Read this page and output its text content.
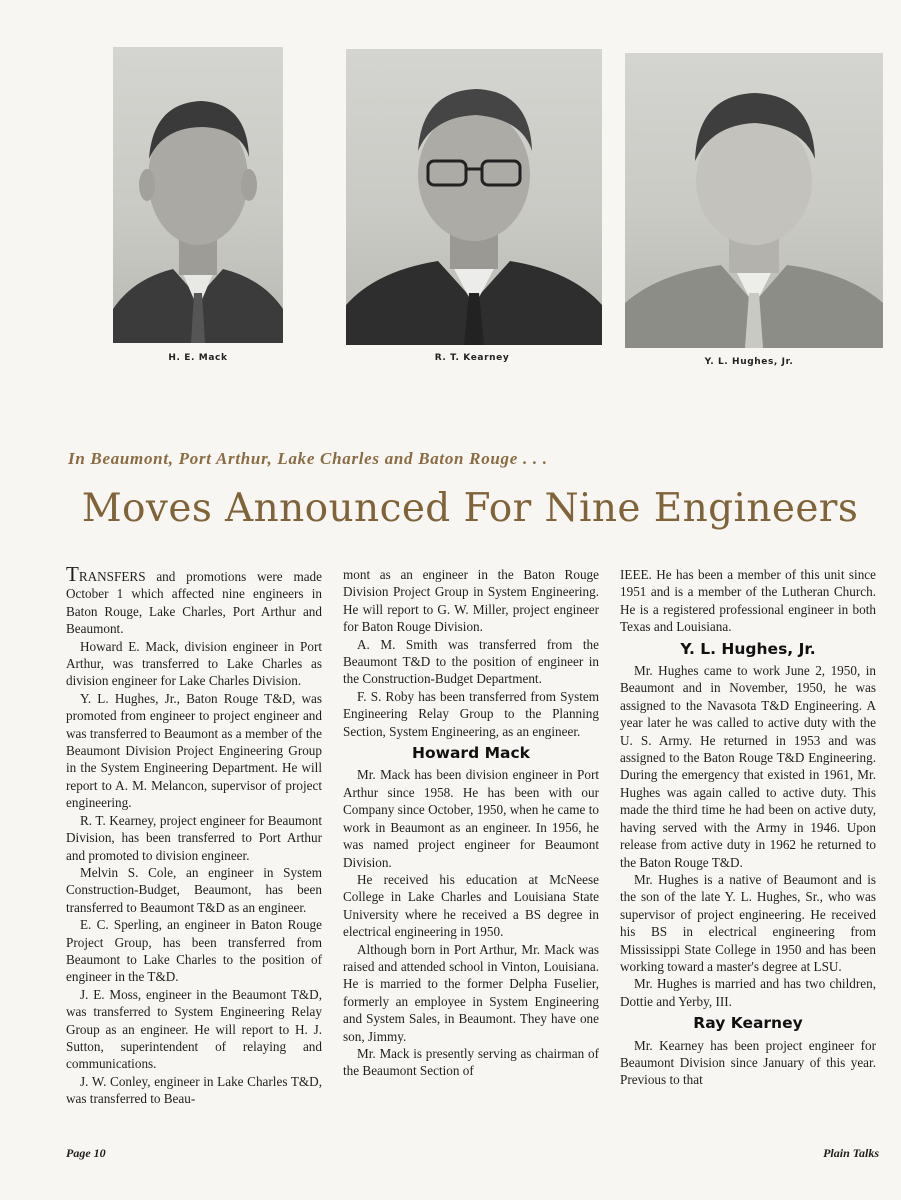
H. E. Mack	R. T. Kearney	Y. L. Hughes, Jr.

In Beaumont, Port Arthur, Lake Charles and Baton Rouge . . .

Moves Announced For Nine Engineers

TRANSFERS and promotions were made October 1 which affected nine engineers in Baton Rouge, Lake Charles, Port Arthur and Beaumont.

Howard E. Mack, division engineer in Port Arthur, was transferred to Lake Charles as division engineer for Lake Charles Division.

Y. L. Hughes, Jr., Baton Rouge T&D, was promoted from engineer to project engineer and was transferred to Beaumont as a member of the Beaumont Division Project Engineering Group in the System Engineering Department. He will report to A. M. Melancon, supervisor of project engineering.

R. T. Kearney, project engineer for Beaumont Division, has been transferred to Port Arthur and promoted to division engineer.

Melvin S. Cole, an engineer in System Construction-Budget, Beaumont, has been transferred to Beaumont T&D as an engineer.

E. C. Sperling, an engineer in Baton Rouge Project Group, has been transferred from Beaumont to Lake Charles to the position of engineer in the T&D.

J. E. Moss, engineer in the Beaumont T&D, was transferred to System Engineering Relay Group as an engineer. He will report to H. J. Sutton, superintendent of relaying and communications.

J. W. Conley, engineer in Lake Charles T&D, was transferred to Beau-

mont as an engineer in the Baton Rouge Division Project Group in System Engineering. He will report to G. W. Miller, project engineer for Baton Rouge Division.

A. M. Smith was transferred from the Beaumont T&D to the position of engineer in the Construction-Budget Department.

F. S. Roby has been transferred from System Engineering Relay Group to the Planning Section, System Engineering, as an engineer.

Howard Mack

Mr. Mack has been division engineer in Port Arthur since 1958. He has been with our Company since October, 1950, when he came to work in Beaumont as an engineer. In 1956, he was named project engineer for Beaumont Division.

He received his education at McNeese College in Lake Charles and Louisiana State University where he received a BS degree in electrical engineering in 1950.

Although born in Port Arthur, Mr. Mack was raised and attended school in Vinton, Louisiana. He is married to the former Delpha Fuselier, formerly an employee in System Engineering and System Sales, in Beaumont. They have one son, Jimmy.

Mr. Mack is presently serving as chairman of the Beaumont Section of

IEEE. He has been a member of this unit since 1951 and is a member of the Lutheran Church. He is a registered professional engineer in both Texas and Louisiana.

Y. L. Hughes, Jr.

Mr. Hughes came to work June 2, 1950, in Beaumont and in November, 1950, he was assigned to the Navasota T&D Engineering. A year later he was called to active duty with the U. S. Army. He returned in 1953 and was assigned to the Baton Rouge T&D Engineering. During the emergency that existed in 1961, Mr. Hughes was again called to active duty. This made the third time he had been on active duty, having served with the Army in 1946. Upon release from active duty in 1962 he returned to the Baton Rouge T&D.

Mr. Hughes is a native of Beaumont and is the son of the late Y. L. Hughes, Sr., who was supervisor of project engineering. He received his BS in electrical engineering from Mississippi State College in 1950 and has been working toward a master's degree at LSU.

Mr. Hughes is married and has two children, Dottie and Yerby, III.

Ray Kearney

Mr. Kearney has been project engineer for Beaumont Division since January of this year. Previous to that

Page 10	Plain Talks
